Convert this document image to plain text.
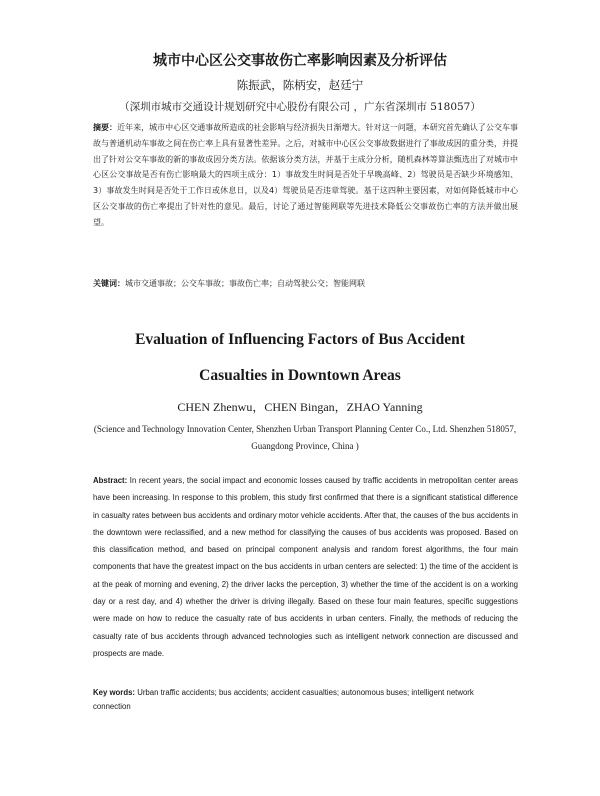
城市中心区公交事故伤亡率影响因素及分析评估
陈振武，陈柄安，赵廷宁
（深圳市城市交通设计规划研究中心股份有限公司 ，广东省深圳市 518057）
摘要：近年来，城市中心区交通事故所造成的社会影响与经济损失日渐增大。针对这一问题，本研究首先确认了公交车事故与普通机动车事故之间在伤亡率上具有显著性差异。之后，对城市中心区公交事故数据进行了事故成因的重分类，并提出了针对公交车事故的新的事故成因分类方法。依据该分类方法，并基于主成分分析，随机森林等算法甄选出了对城市中心区公交事故是否有伤亡影响最大的四项主成分：1）事故发生时间是否处于早晚高峰、2）驾驶员是否缺少环境感知、3）事故发生时间是否处于工作日或休息日，以及4）驾驶员是否违章驾驶。基于这四种主要因素，对如何降低城市中心区公交事故的伤亡率提出了针对性的意见。最后，讨论了通过智能网联等先进技术降低公交事故伤亡率的方法并做出展望。
关键词：城市交通事故；公交车事故；事故伤亡率；自动驾驶公交；智能网联
Evaluation of Influencing Factors of Bus Accident Casualties in Downtown Areas
CHEN Zhenwu，CHEN Bingan，ZHAO Yanning
(Science and Technology Innovation Center, Shenzhen Urban Transport Planning Center Co., Ltd. Shenzhen 518057, Guangdong Province, China )
Abstract: In recent years, the social impact and economic losses caused by traffic accidents in metropolitan center areas have been increasing. In response to this problem, this study first confirmed that there is a significant statistical difference in casualty rates between bus accidents and ordinary motor vehicle accidents. After that, the causes of the bus accidents in the downtown were reclassified, and a new method for classifying the causes of bus accidents was proposed. Based on this classification method, and based on principal component analysis and random forest algorithms, the four main components that have the greatest impact on the bus accidents in urban centers are selected: 1) the time of the accident is at the peak of morning and evening, 2) the driver lacks the perception, 3) whether the time of the accident is on a working day or a rest day, and 4) whether the driver is driving illegally. Based on these four main features, specific suggestions were made on how to reduce the casualty rate of bus accidents in urban centers. Finally, the methods of reducing the casualty rate of bus accidents through advanced technologies such as intelligent network connection are discussed and prospects are made.
Key words: Urban traffic accidents; bus accidents; accident casualties; autonomous buses; intelligent network connection
